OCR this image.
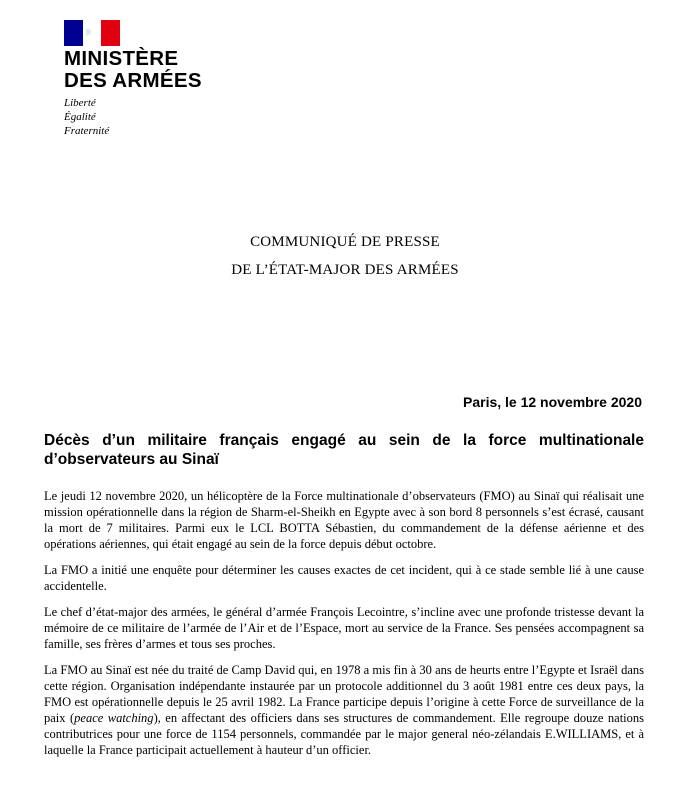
MINISTÈRE
DES ARMÉES
Liberté
Égalité
Fraternité
COMMUNIQUÉ DE PRESSE
DE L’ÉTAT-MAJOR DES ARMÉES
Paris, le 12 novembre 2020
Décès d’un militaire français engagé au sein de la force multinationale d’observateurs au Sinaï

Le jeudi 12 novembre 2020, un hélicoptère de la Force multinationale d’observateurs (FMO) au Sinaï qui réalisait une mission opérationnelle dans la région de Sharm-el-Sheikh en Egypte avec à son bord 8 personnels s’est écrasé, causant la mort de 7 militaires. Parmi eux le LCL BOTTA Sébastien, du commandement de la défense aérienne et des opérations aériennes, qui était engagé au sein de la force depuis début octobre.

La FMO a initié une enquête pour déterminer les causes exactes de cet incident, qui à ce stade semble lié à une cause accidentelle.

Le chef d’état-major des armées, le général d’armée François Lecointre, s’incline avec une profonde tristesse devant la mémoire de ce militaire de l’armée de l’Air et de l’Espace, mort au service de la France. Ses pensées accompagnent sa famille, ses frères d’armes et tous ses proches.

La FMO au Sinaï est née du traité de Camp David qui, en 1978 a mis fin à 30 ans de heurts entre l’Egypte et Israël dans cette région. Organisation indépendante instaurée par un protocole additionnel du 3 août 1981 entre ces deux pays, la FMO est opérationnelle depuis le 25 avril 1982. La France participe depuis l’origine à cette Force de surveillance de la paix (peace watching), en affectant des officiers dans ses structures de commandement. Elle regroupe douze nations contributrices pour une force de 1154 personnels, commandée par le major general néo-zélandais E.WILLIAMS, et à laquelle la France participait actuellement à hauteur d’un officier.
